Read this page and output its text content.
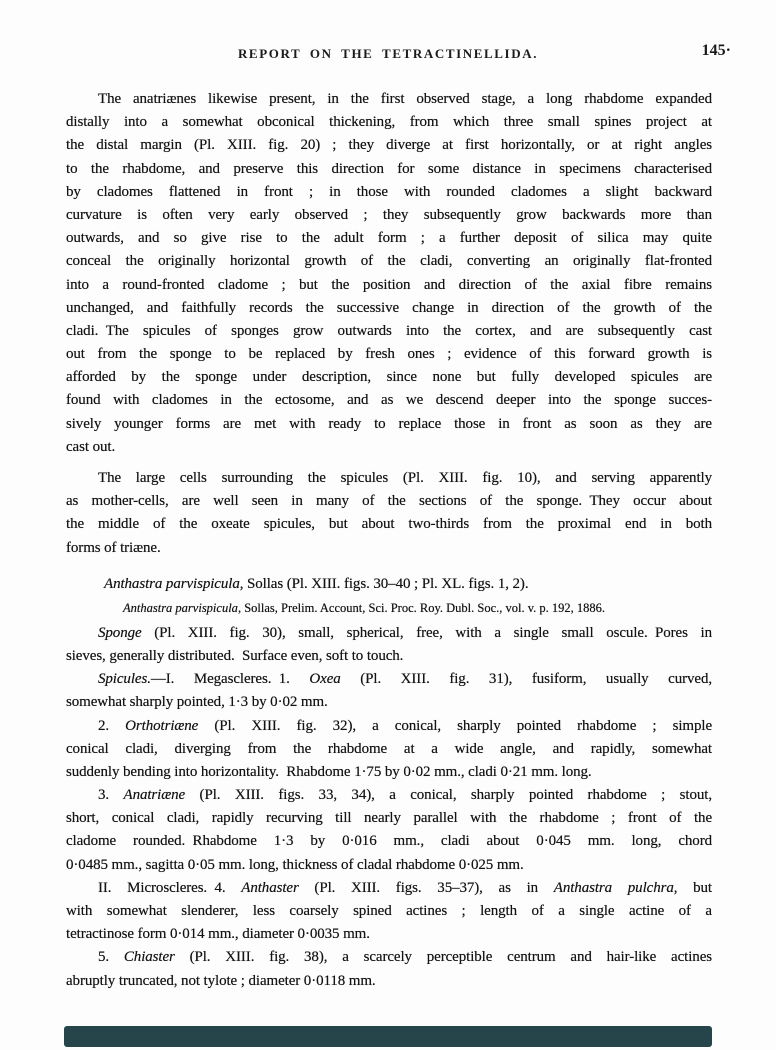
REPORT ON THE TETRACTINELLIDA.	145·
The anatriænes likewise present, in the first observed stage, a long rhabdome expanded
distally into a somewhat obconical thickening, from which three small spines project at
the distal margin (Pl. XIII. fig. 20) ; they diverge at first horizontally, or at right angles
to the rhabdome, and preserve this direction for some distance in specimens characterised
by cladomes flattened in front ; in those with rounded cladomes a slight backward
curvature is often very early observed ; they subsequently grow backwards more than
outwards, and so give rise to the adult form ; a further deposit of silica may quite
conceal the originally horizontal growth of the cladi, converting an originally flat-fronted
into a round-fronted cladome ; but the position and direction of the axial fibre remains
unchanged, and faithfully records the successive change in direction of the growth of the
cladi. The spicules of sponges grow outwards into the cortex, and are subsequently cast
out from the sponge to be replaced by fresh ones ; evidence of this forward growth is
afforded by the sponge under description, since none but fully developed spicules are
found with cladomes in the ectosome, and as we descend deeper into the sponge succes-
sively younger forms are met with ready to replace those in front as soon as they are
cast out.
The large cells surrounding the spicules (Pl. XIII. fig. 10), and serving apparently
as mother-cells, are well seen in many of the sections of the sponge. They occur about
the middle of the oxeate spicules, but about two-thirds from the proximal end in both
forms of triæne.
Anthastra parvispicula, Sollas (Pl. XIII. figs. 30–40 ; Pl. XL. figs. 1, 2).
Anthastra parvispicula, Sollas, Prelim. Account, Sci. Proc. Roy. Dubl. Soc., vol. v. p. 192, 1886.
Sponge (Pl. XIII. fig. 30), small, spherical, free, with a single small oscule. Pores in
sieves, generally distributed. Surface even, soft to touch.
Spicules.—I. Megascleres. 1. Oxea (Pl. XIII. fig. 31), fusiform, usually curved,
somewhat sharply pointed, 1·3 by 0·02 mm.
2. Orthotriæne (Pl. XIII. fig. 32), a conical, sharply pointed rhabdome ; simple
conical cladi, diverging from the rhabdome at a wide angle, and rapidly, somewhat
suddenly bending into horizontality. Rhabdome 1·75 by 0·02 mm., cladi 0·21 mm. long.
3. Anatriæne (Pl. XIII. figs. 33, 34), a conical, sharply pointed rhabdome ; stout,
short, conical cladi, rapidly recurving till nearly parallel with the rhabdome ; front of the
cladome rounded. Rhabdome 1·3 by 0·016 mm., cladi about 0·045 mm. long, chord
0·0485 mm., sagitta 0·05 mm. long, thickness of cladal rhabdome 0·025 mm.
II. Microscleres. 4. Anthaster (Pl. XIII. figs. 35–37), as in Anthastra pulchra, but
with somewhat slenderer, less coarsely spined actines ; length of a single actine of a
tetractinose form 0·014 mm., diameter 0·0035 mm.
5. Chiaster (Pl. XIII. fig. 38), a scarcely perceptible centrum and hair-like actines
abruptly truncated, not tylote ; diameter 0·0118 mm.
